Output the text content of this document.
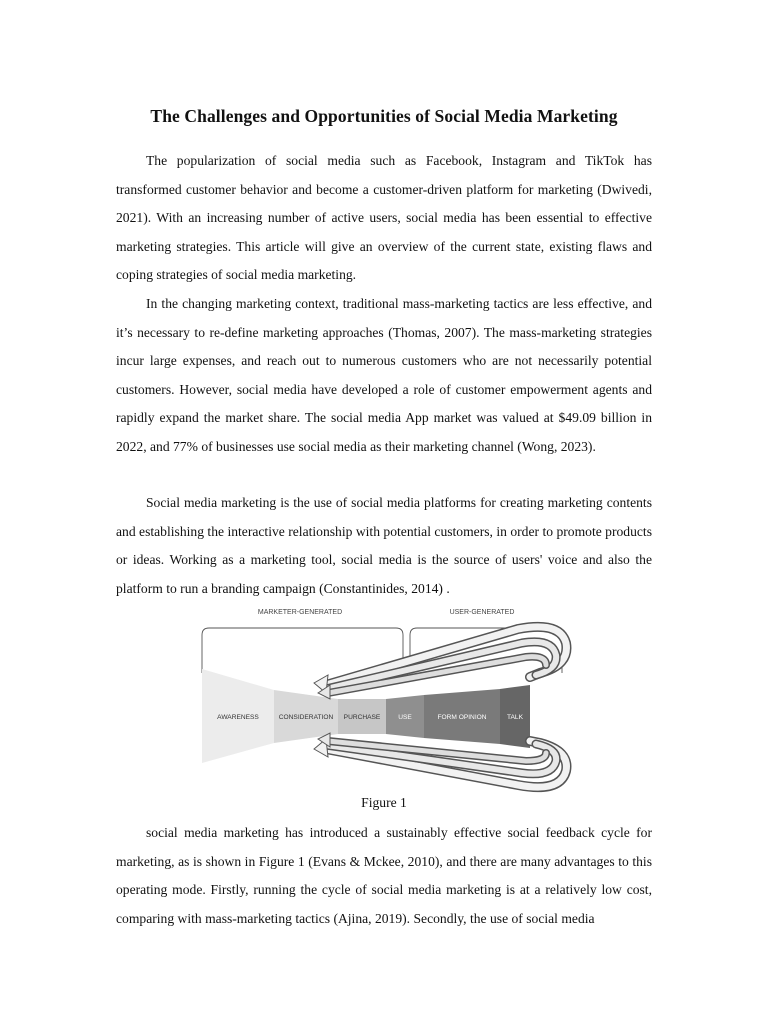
The Challenges and Opportunities of Social Media Marketing

The popularization of social media such as Facebook, Instagram and TikTok has transformed customer behavior and become a customer-driven platform for marketing (Dwivedi, 2021). With an increasing number of active users, social media has been essential to effective marketing strategies. This article will give an overview of the current state, existing flaws and coping strategies of social media marketing.

In the changing marketing context, traditional mass-marketing tactics are less effective, and it’s necessary to re-define marketing approaches (Thomas, 2007). The mass-marketing strategies incur large expenses, and reach out to numerous customers who are not necessarily potential customers. However, social media have developed a role of customer empowerment agents and rapidly expand the market share. The social media App market was valued at $49.09 billion in 2022, and 77% of businesses use social media as their marketing channel (Wong, 2023).

Social media marketing is the use of social media platforms for creating marketing contents and establishing the interactive relationship with potential customers, in order to promote products or ideas. Working as a marketing tool, social media is the source of users' voice and also the platform to run a branding campaign (Constantinides, 2014) .

MARKETER-GENERATED	USER-GENERATED
AWARENESS	CONSIDERATION PURCHASE	USE	FORM OPINION	TALK
Figure 1

social media marketing has introduced a sustainably effective social feedback cycle for marketing, as is shown in Figure 1 (Evans & Mckee, 2010), and there are many advantages to this operating mode. Firstly, running the cycle of social media marketing is at a relatively low cost, comparing with mass-marketing tactics (Ajina, 2019). Secondly, the use of social media
